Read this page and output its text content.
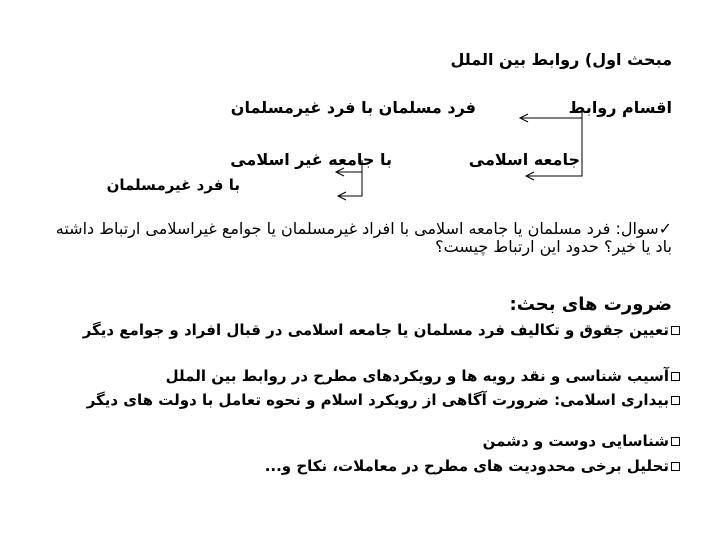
مبحث اول) روابط بين الملل
اقسام روابط
فرد مسلمان با فرد غیرمسلمان
جامعه اسلامی
با جامعه غیر اسلامی
با فرد غیرمسلمان
✓سوال: فرد مسلمان یا جامعه اسلامی با افراد غیرمسلمان یا جوامع غیراسلامی ارتباط داشته باد یا خیر؟ حدود این ارتباط چیست؟
ضرورت های بحث:
تعیین جقوق و تکالیف فرد مسلمان یا جامعه اسلامی در قبال افراد و جوامع دیگر
آسیب شناسی و نقد رویه ها و رویکردهای مطرح در روابط بین الملل
بیداری اسلامی: ضرورت آگاهی از رویکرد اسلام و نحوه تعامل با دولت های دیگر
شناسایی دوست و دشمن
تحلیل برخی محدودیت های مطرح در معاملات، نکاح و...
